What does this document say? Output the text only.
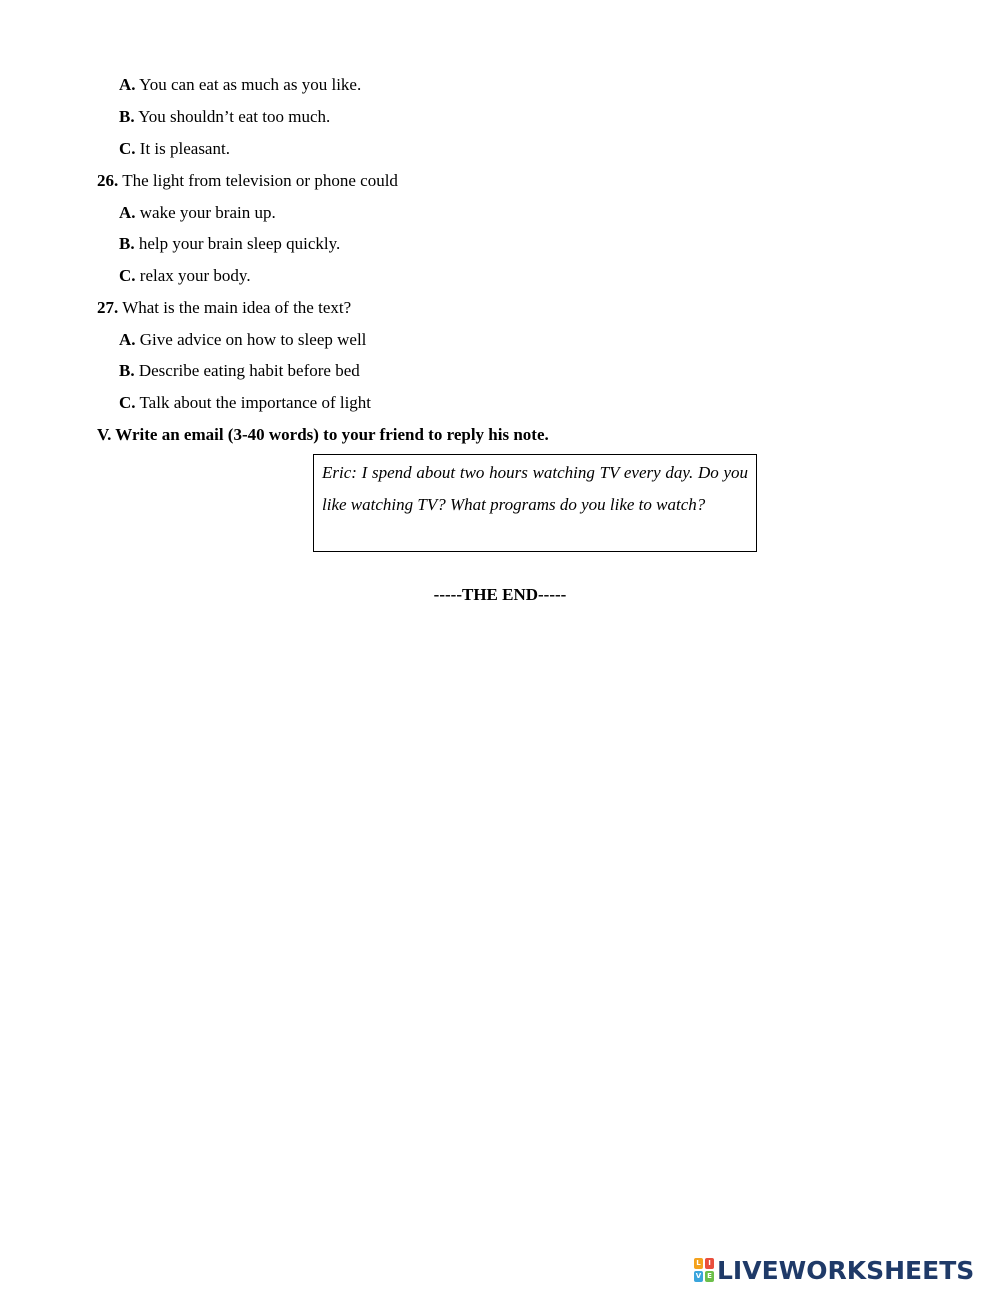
A. You can eat as much as you like.
B. You shouldn’t eat too much.
C. It is pleasant.
26. The light from television or phone could
A. wake your brain up.
B. help your brain sleep quickly.
C. relax your body.
27. What is the main idea of the text?
A. Give advice on how to sleep well
B. Describe eating habit before bed
C. Talk about the importance of light
V. Write an email (3-40 words) to your friend to reply his note.
Eric: I spend about two hours watching TV every day. Do you like watching TV? What programs do you like to watch?
-----THE END-----
L	I
V E LIVEWORKSHEETS
